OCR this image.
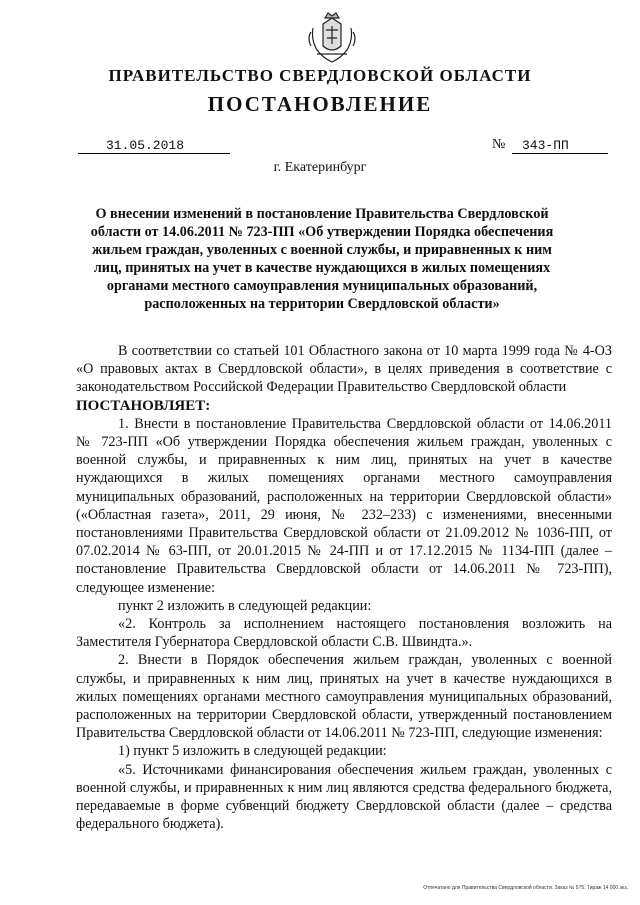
ПРАВИТЕЛЬСТВО СВЕРДЛОВСКОЙ ОБЛАСТИ
ПОСТАНОВЛЕНИЕ
31.05.2018	№	343-ПП
г. Екатеринбург
О внесении изменений в постановление Правительства Свердловской области от 14.06.2011 № 723-ПП «Об утверждении Порядка обеспечения жильем граждан, уволенных с военной службы, и приравненных к ним лиц, принятых на учет в качестве нуждающихся в жилых помещениях органами местного самоуправления муниципальных образований, расположенных на территории Свердловской области»

В соответствии со статьей 101 Областного закона от 10 марта 1999 года № 4-ОЗ «О правовых актах в Свердловской области», в целях приведения в соответствие с законодательством Российской Федерации Правительство Свердловской области

ПОСТАНОВЛЯЕТ:

1. Внести в постановление Правительства Свердловской области от 14.06.2011 № 723-ПП «Об утверждении Порядка обеспечения жильем граждан, уволенных с военной службы, и приравненных к ним лиц, принятых на учет в качестве нуждающихся в жилых помещениях органами местного самоуправления муниципальных образований, расположенных на территории Свердловской области» («Областная газета», 2011, 29 июня, № 232–233) с изменениями, внесенными постановлениями Правительства Свердловской области от 21.09.2012 № 1036-ПП, от 07.02.2014 № 63-ПП, от 20.01.2015 № 24-ПП и от 17.12.2015 № 1134-ПП (далее – постановление Правительства Свердловской области от 14.06.2011 № 723-ПП), следующее изменение:

пункт 2 изложить в следующей редакции:

«2. Контроль за исполнением настоящего постановления возложить на Заместителя Губернатора Свердловской области С.В. Швиндта.».

2. Внести в Порядок обеспечения жильем граждан, уволенных с военной службы, и приравненных к ним лиц, принятых на учет в качестве нуждающихся в жилых помещениях органами местного самоуправления муниципальных образований, расположенных на территории Свердловской области, утвержденный постановлением Правительства Свердловской области от 14.06.2011 № 723-ПП, следующие изменения:

1) пункт 5 изложить в следующей редакции:

«5. Источниками финансирования обеспечения жильем граждан, уволенных с военной службы, и приравненных к ним лиц являются средства федерального бюджета, передаваемые в форме субвенций бюджету Свердловской области (далее – средства федерального бюджета).

Отпечатано для Правительства Свердловской области. Заказ № 575. Тираж 14 000 экз.
